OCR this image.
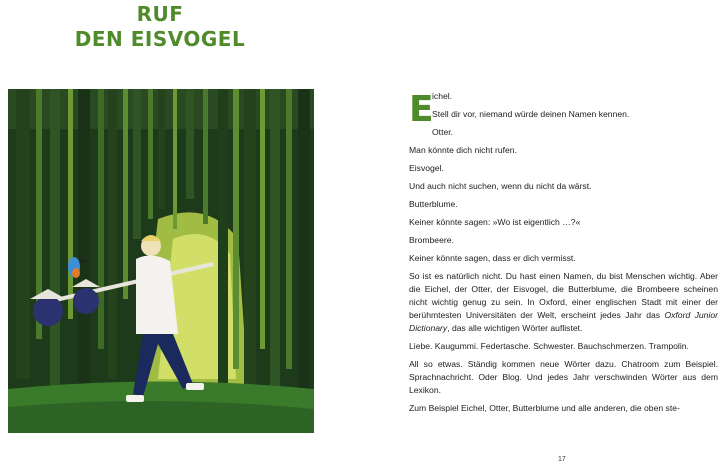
RUF
DEN EISVOGEL
E
ichel.
Stell dir vor, niemand würde deinen Namen kennen.
Otter.
Man könnte dich nicht rufen.
Eisvogel.
Und auch nicht suchen, wenn du nicht da wärst.
Butterblume.
Keiner könnte sagen: »Wo ist eigentlich …?«
Brombeere.
Keiner könnte sagen, dass er dich vermisst.
So ist es natürlich nicht. Du hast einen Namen, du bist Menschen wichtig. Aber die Eichel, der Otter, der Eisvogel, die Butterblume, die Brombeere scheinen nicht wichtig genug zu sein. In Oxford, einer englischen Stadt mit einer der berühmtesten Universitäten der Welt, erscheint jedes Jahr das Oxford Junior Dictionary, das alle wichtigen Wörter auflistet.
Liebe. Kaugummi. Federtasche. Schwester. Bauchschmerzen. Trampolin.
All so etwas. Ständig kommen neue Wörter dazu. Chatroom zum Beispiel. Sprachnachricht. Oder Blog. Und jedes Jahr verschwinden Wörter aus dem Lexikon.
Zum Beispiel Eichel, Otter, Butterblume und alle anderen, die oben ste-
17
